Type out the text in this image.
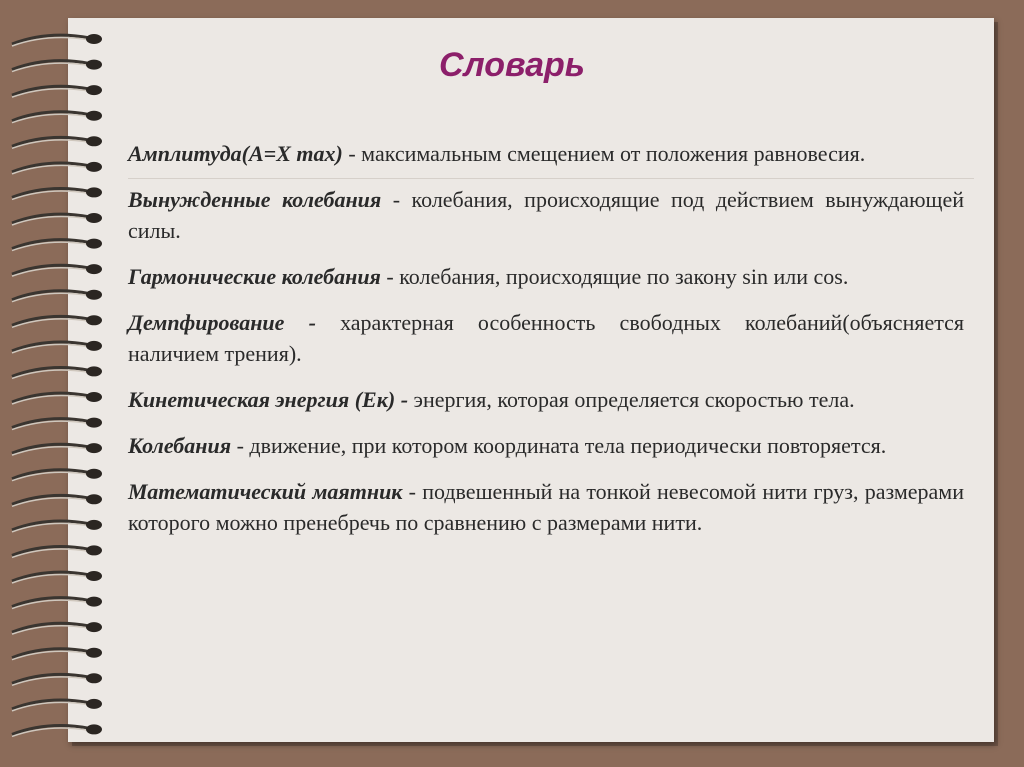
Словарь
Амплитуда(А=Х max) - максимальным смещением от положения равновесия.
Вынужденные колебания - колебания, происходящие под действием вынуждающей силы.
Гармонические колебания - колебания, происходящие по закону sin или cos.
Демпфирование - характерная особенность свободных колебаний(объясняется наличием трения).
Кинетическая энергия (Ек) - энергия, которая определяется скоростью тела.
Колебания - движение, при котором координата тела периодически повторяется.
Математический маятник - подвешенный на тонкой невесомой нити груз, размерами которого можно пренебречь по сравнению с размерами нити.
